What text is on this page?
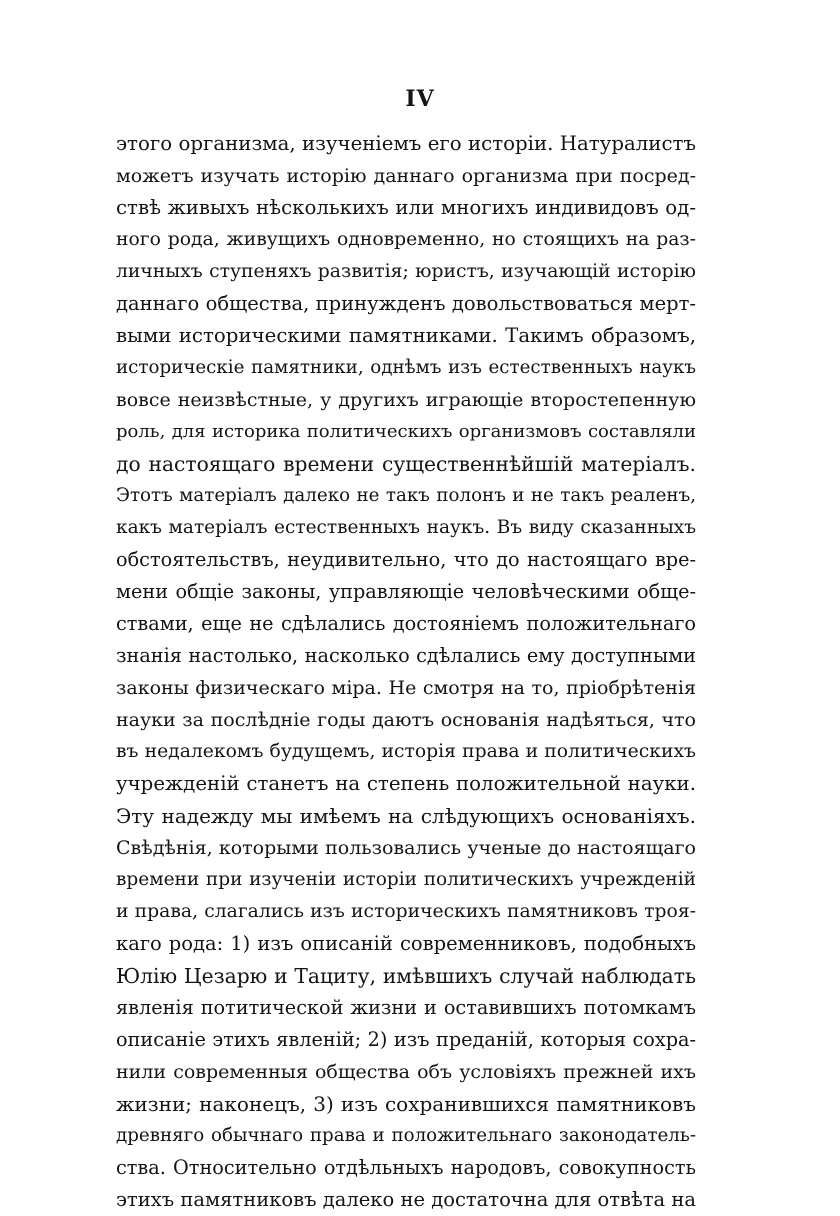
IV
этого организма, изученіемъ его исторіи. Натуралистъ
можетъ изучать исторію даннаго организма при посред-
ствѣ живыхъ нѣсколькихъ или многихъ индивидовъ од-
ного рода, живущихъ одновременно, но стоящихъ на раз-
личныхъ ступеняхъ развитія; юристъ, изучающій исторію
даннаго общества, принужденъ довольствоваться мерт-
выми историческими памятниками. Такимъ образомъ,
историческіе памятники, однѣмъ изъ естественныхъ наукъ
вовсе неизвѣстные, у другихъ играющіе второстепенную
роль, для историка политическихъ организмовъ составляли
до настоящаго времени существеннѣйшій матеріалъ.
Этотъ матеріалъ далеко не такъ полонъ и не такъ реаленъ,
какъ матеріалъ естественныхъ наукъ. Въ виду сказанныхъ
обстоятельствъ, неудивительно, что до настоящаго вре-
мени общіе законы, управляющіе человѣческими обще-
ствами, еще не сдѣлались достояніемъ положительнаго
знанія настолько, насколько сдѣлались ему доступными
законы физическаго міра. Не смотря на то, пріобрѣтенія
науки за послѣдніе годы даютъ основанія надѣяться, что
въ недалекомъ будущемъ, исторія права и политическихъ
учрежденій станетъ на степень положительной науки.
Эту надежду мы имѣемъ на слѣдующихъ основаніяхъ.
Свѣдѣнія, которыми пользовались ученые до настоящаго
времени при изученіи исторіи политическихъ учрежденій
и права, слагались изъ историческихъ памятниковъ троя-
каго рода: 1) изъ описаній современниковъ, подобныхъ
Юлію Цезарю и Тациту, имѣвшихъ случай наблюдать
явленія потитической жизни и оставившихъ потомкамъ
описаніе этихъ явленій; 2) изъ преданій, которыя сохра-
нили современныя общества объ условіяхъ прежней ихъ
жизни; наконецъ, 3) изъ сохранившихся памятниковъ
древняго обычнаго права и положительнаго законодатель-
ства. Относительно отдѣльныхъ народовъ, совокупность
этихъ памятниковъ далеко не достаточна для отвѣта на
